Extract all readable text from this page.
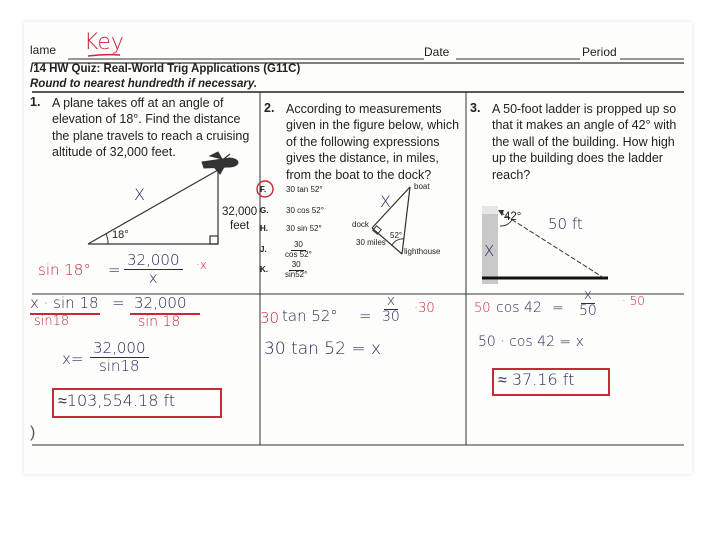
lame Key	Date	Period
/14 HW Quiz: Real-World Trig Applications (G11C)
Round to nearest hundredth if necessary.
1. A plane takes off at an angle of
elevation of 18°. Find the distance
the plane travels to reach a cruising
altitude of 32,000 feet.
18°
X
32,000
feet
$\sin 18^\circ = \frac{32,000}{x} \cdot x$
x · sin 18 = 32,000
sin18	sin 18
$x= \frac{32,000}{\sin 18}$
≈103,554.18 ft
2. According to measurements
given in the figure below, which
of the following expressions
gives the distance, in miles,
from the boat to the dock?
F. 30 tan 52°
G. 30 cos 52°
H. 30 sin 52°
J. $\frac{30}{\cos 52^\circ}$
K. $\frac{30}{\sin 52^\circ}$
boat
dock
52°
30 miles
lighthouse
X
30 $\tan 52^\circ = \frac{x}{30} \cdot 30$
30 tan 52 = x
3. A 50-foot ladder is propped up so
that it makes an angle of 42° with
the wall of the building. How high
up the building does the ladder
reach?
42° 50 ft
X
50 $\cos 42 = \frac{x}{50} \cdot 50$
50 · cos 42 = x
≈ 37.16 ft
)
